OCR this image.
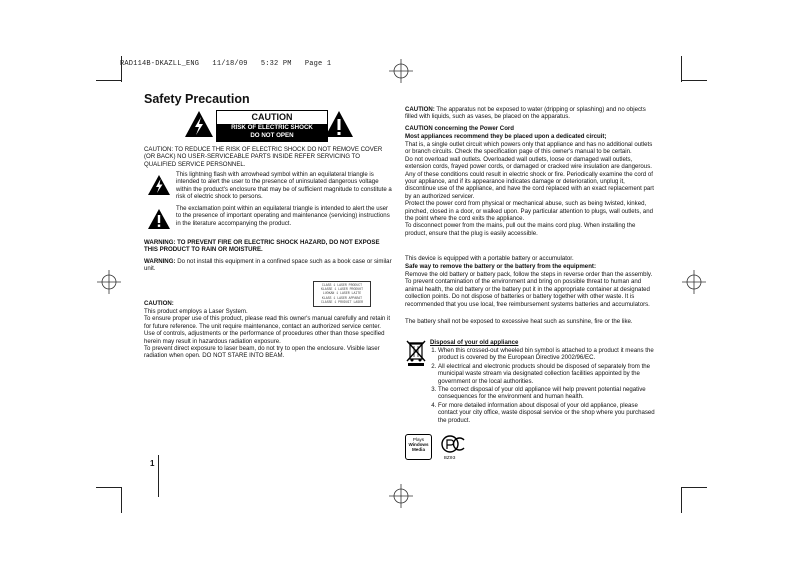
RAD114B-DKAZLL_ENG   11/18/09   5:32 PM   Page 1
Safety Precaution
CAUTION
RISK OF ELECTRIC SHOCK
DO NOT OPEN
CAUTION: TO REDUCE THE RISK OF ELECTRIC SHOCK DO NOT REMOVE COVER (OR BACK) NO USER-SERVICEABLE PARTS INSIDE REFER SERVICING TO QUALIFIED SERVICE PERSONNEL.
This lightning flash with arrowhead symbol within an equilateral triangle is intended to alert the user to the presence of uninsulated dangerous voltage within the product's enclosure that may be of sufficient magnitude to constitute a risk of electric shock to persons.
The exclamation point within an equilateral triangle is intended to alert the user to the presence of important operating and maintenance (servicing) instructions in the literature accompanying the product.
WARNING: TO PREVENT FIRE OR ELECTRIC SHOCK HAZARD, DO NOT EXPOSE THIS PRODUCT TO RAIN OR MOISTURE.
WARNING: Do not install this equipment in a confined space such as a book case or similar unit.
CLASS 1 LASER PRODUCT
KLASSE 1 LASER PRODUKT
LUOKAN 1 LASER LAITE
KLASS 1 LASER APPARAT
CLASSE 1 PRODUIT LASER
CAUTION:
This product employs a Laser System.
To ensure proper use of this product, please read this owner's manual carefully and retain it for future reference. The unit require maintenance, contact an authorized service center. Use of controls, adjustments or the performance of procedures other than those specified herein may result in hazardous radiation exposure.
To prevent direct exposure to laser beam, do not try to open the enclosure. Visible laser radiation when open. DO NOT STARE INTO BEAM.
1
CAUTION: The apparatus not be exposed to water (dripping or splashing) and no objects filled with liquids, such as vases, be placed on the apparatus.
CAUTION concerning the Power Cord
Most appliances recommend they be placed upon a dedicated circuit;
That is, a single outlet circuit which powers only that appliance and has no additional outlets or branch circuits. Check the specification page of this owner's manual to be certain.
Do not overload wall outlets. Overloaded wall outlets, loose or damaged wall outlets, extension cords, frayed power cords, or damaged or cracked wire insulation are dangerous. Any of these conditions could result in electric shock or fire. Periodically examine the cord of your appliance, and if its appearance indicates damage or deterioration, unplug it, discontinue use of the appliance, and have the cord replaced with an exact replacement part by an authorized servicer.
Protect the power cord from physical or mechanical abuse, such as being twisted, kinked, pinched, closed in a door, or walked upon. Pay particular attention to plugs, wall outlets, and the point where the cord exits the appliance.
To disconnect power from the mains, pull out the mains cord plug. When installing the product, ensure that the plug is easily accessible.
This device is equipped with a portable battery or accumulator.
Safe way to remove the battery or the battery from the equipment:
Remove the old battery or battery pack, follow the steps in reverse order than the assembly. To prevent contamination of the environment and bring on possible threat to human and animal health, the old battery or the battery put it in the appropriate container at designated collection points. Do not dispose of batteries or battery together with other waste. It is recommended that you use local, free reimbursement systems batteries and accumulators.
The battery shall not be exposed to excessive heat such as sunshine, fire or the like.
Disposal of your old appliance
1. When this crossed-out wheeled bin symbol is attached to a product it means the product is covered by the European Directive 2002/96/EC.
2. All electrical and electronic products should be disposed of separately from the municipal waste stream via designated collection facilities appointed by the government or the local authorities.
3. The correct disposal of your old appliance will help prevent potential negative consequences for the environment and human health.
4. For more detailed information about disposal of your old appliance, please contact your city office, waste disposal service or the shop where you purchased the product.
Plays
Windows Media
BZ03
